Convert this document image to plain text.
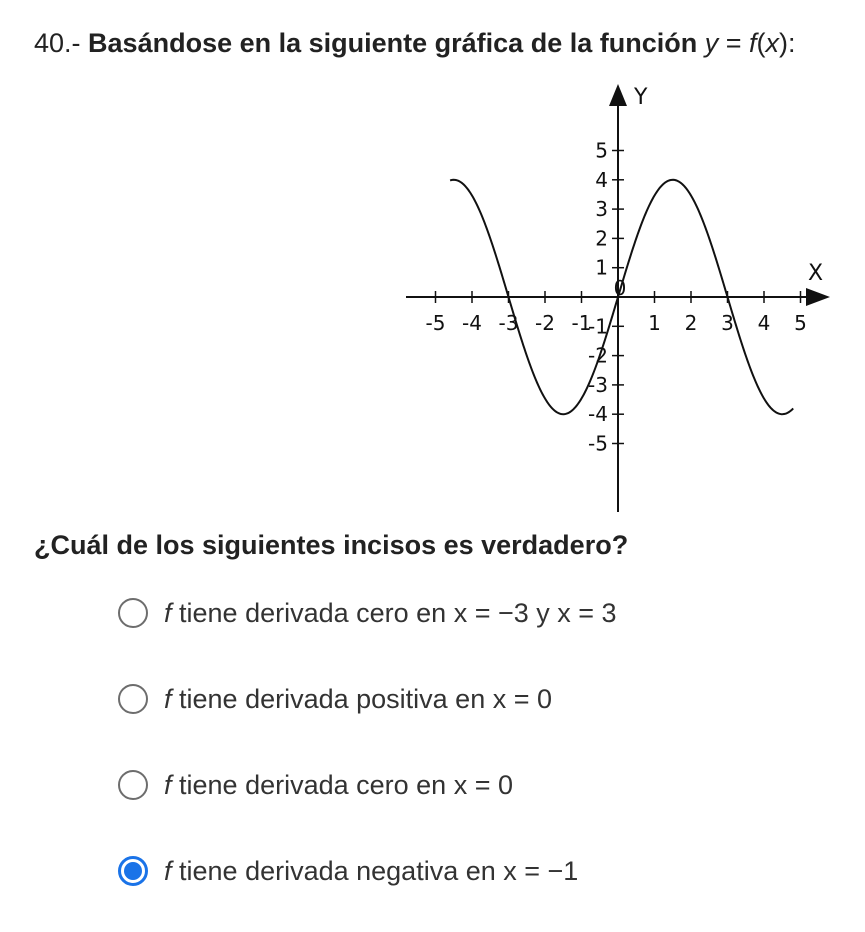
40.- Basándose en la siguiente gráfica de la función y = f(x):
Y
X
-5 -4 -3 -2 -1	1 2 3 4 5
5
4
3
2
1
-1
-2
-3
-4
-5
0
¿Cuál de los siguientes incisos es verdadero?
f tiene derivada cero en x = −3 y x = 3
f tiene derivada positiva en x = 0
f tiene derivada cero en x = 0
f tiene derivada negativa en x = −1
